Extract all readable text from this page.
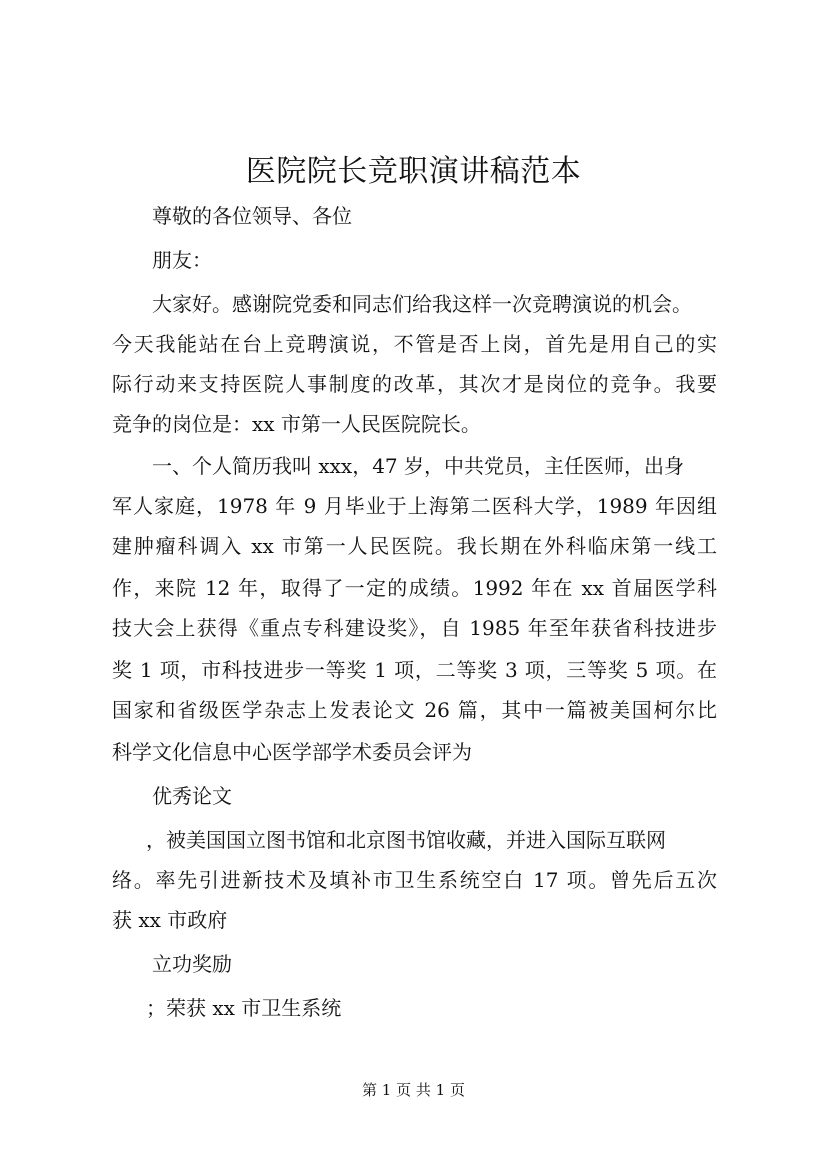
医院院长竞职演讲稿范本
尊敬的各位领导、各位
朋友：
大家好。感谢院党委和同志们给我这样一次竞聘演说的机会。
今天我能站在台上竞聘演说，不管是否上岗，首先是用自己的实
际行动来支持医院人事制度的改革，其次才是岗位的竞争。我要
竞争的岗位是：xx 市第一人民医院院长。
一、个人简历我叫 xxx，47 岁，中共党员，主任医师，出身
军人家庭，1978 年 9 月毕业于上海第二医科大学，1989 年因组
建肿瘤科调入 xx 市第一人民医院。我长期在外科临床第一线工
作，来院 12 年，取得了一定的成绩。1992 年在 xx 首届医学科
技大会上获得《重点专科建设奖》，自 1985 年至年获省科技进步
奖 1 项，市科技进步一等奖 1 项，二等奖 3 项，三等奖 5 项。在
国家和省级医学杂志上发表论文 26 篇，其中一篇被美国柯尔比
科学文化信息中心医学部学术委员会评为
优秀论文
，被美国国立图书馆和北京图书馆收藏，并进入国际互联网
络。率先引进新技术及填补市卫生系统空白 17 项。曾先后五次
获 xx 市政府
立功奖励
；荣获 xx 市卫生系统
第 1 页 共 1 页
